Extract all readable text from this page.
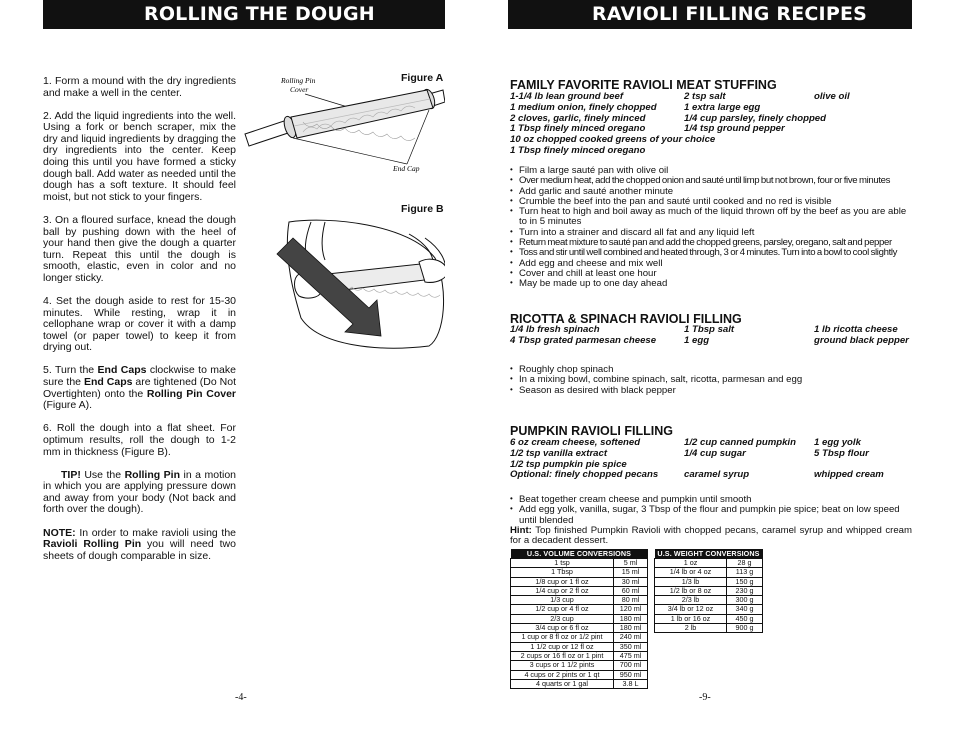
ROLLING THE DOUGH

1. Form a mound with the dry ingredients and make a well in the center.

2. Add the liquid ingredients into the well. Using a fork or bench scraper, mix the dry and liquid ingredients by dragging the dry ingredients into the center. Keep doing this until you have formed a sticky dough ball. Add water as needed until the dough has a soft texture. It should feel moist, but not stick to your fingers.

3. On a floured surface, knead the dough ball by pushing down with the heel of your hand then give the dough a quarter turn. Repeat this until the dough is smooth, elastic, even in color and no longer sticky.

4. Set the dough aside to rest for 15-30 minutes. While resting, wrap it in cellophane wrap or cover it with a damp towel (or paper towel) to keep it from drying out.

5. Turn the End Caps clockwise to make sure the End Caps are tightened (Do Not Overtighten) onto the Rolling Pin Cover (Figure A).

6. Roll the dough into a flat sheet. For optimum results, roll the dough to 1-2 mm in thickness (Figure B).

TIP! Use the Rolling Pin in a motion in which you are applying pressure down and away from your body (Not back and forth over the dough).

NOTE: In order to make ravioli using the Ravioli Rolling Pin you will need two sheets of dough comparable in size.

Figure A
Rolling Pin
Cover
End Cap
Figure B
-4-
RAVIOLI FILLING RECIPES
FAMILY FAVORITE RAVIOLI MEAT STUFFING
1-1/4 lb lean ground beef	2 tsp salt	olive oil
1 medium onion, finely chopped	1 extra large egg
2 cloves, garlic, finely minced	1/4 cup parsley, finely chopped
1 Tbsp finely minced oregano	1/4 tsp ground pepper
10 oz chopped cooked greens of your choice
1 Tbsp finely minced oregano
• Film a large sauté pan with olive oil
• Over medium heat, add the chopped onion and sauté until limp but not brown, four or five minutes
• Add garlic and sauté another minute
• Crumble the beef into the pan and sauté until cooked and no red is visible
• Turn heat to high and boil away as much of the liquid thrown off by the beef as you are able to in 5 minutes
• Turn into a strainer and discard all fat and any liquid left
• Return meat mixture to sauté pan and add the chopped greens, parsley, oregano, salt and pepper
• Toss and stir until well combined and heated through, 3 or 4 minutes. Turn into a bowl to cool slightly
• Add egg and cheese and mix well
• Cover and chill at least one hour
• May be made up to one day ahead
RICOTTA & SPINACH RAVIOLI FILLING
1/4 lb fresh spinach	1 Tbsp salt	1 lb ricotta cheese
4 Tbsp grated parmesan cheese	1 egg	ground black pepper
• Roughly chop spinach
• In a mixing bowl, combine spinach, salt, ricotta, parmesan and egg
• Season as desired with black pepper
PUMPKIN RAVIOLI FILLING
6 oz cream cheese, softened	1/2 cup canned pumpkin	1 egg yolk
1/2 tsp vanilla extract	1/4 cup sugar	5 Tbsp flour
1/2 tsp pumpkin pie spice
Optional: finely chopped pecans	caramel syrup	whipped cream
• Beat together cream cheese and pumpkin until smooth
• Add egg yolk, vanilla, sugar, 3 Tbsp of the flour and pumpkin pie spice; beat on low speed until blended
Hint: Top finished Pumpkin Ravioli with chopped pecans, caramel syrup and whipped cream for a decadent dessert.
U.S. VOLUME CONVERSIONS	
1 tsp	5 ml
1 Tbsp	15 ml
1/8 cup or 1 fl oz	30 ml
1/4 cup or 2 fl oz	60 ml
1/3 cup	80 ml
1/2 cup or 4 fl oz	120 ml
2/3 cup	180 ml
3/4 cup or 6 fl oz	180 ml
1 cup or 8 fl oz or 1/2 pint	240 ml
1 1/2 cup or 12 fl oz	350 ml
2 cups or 16 fl oz or 1 pint	475 ml
3 cups or 1 1/2 pints	700 ml
4 cups or 2 pints or 1 qt	950 ml
4 quarts or 1 gal	3.8 L
U.S. WEIGHT CONVERSIONS	
1 oz	28 g
1/4 lb or 4 oz	113 g
1/3 lb	150 g
1/2 lb or 8 oz	230 g
2/3 lb	300 g
3/4 lb or 12 oz	340 g
1 lb or 16 oz	450 g
2 lb	900 g
-9-
